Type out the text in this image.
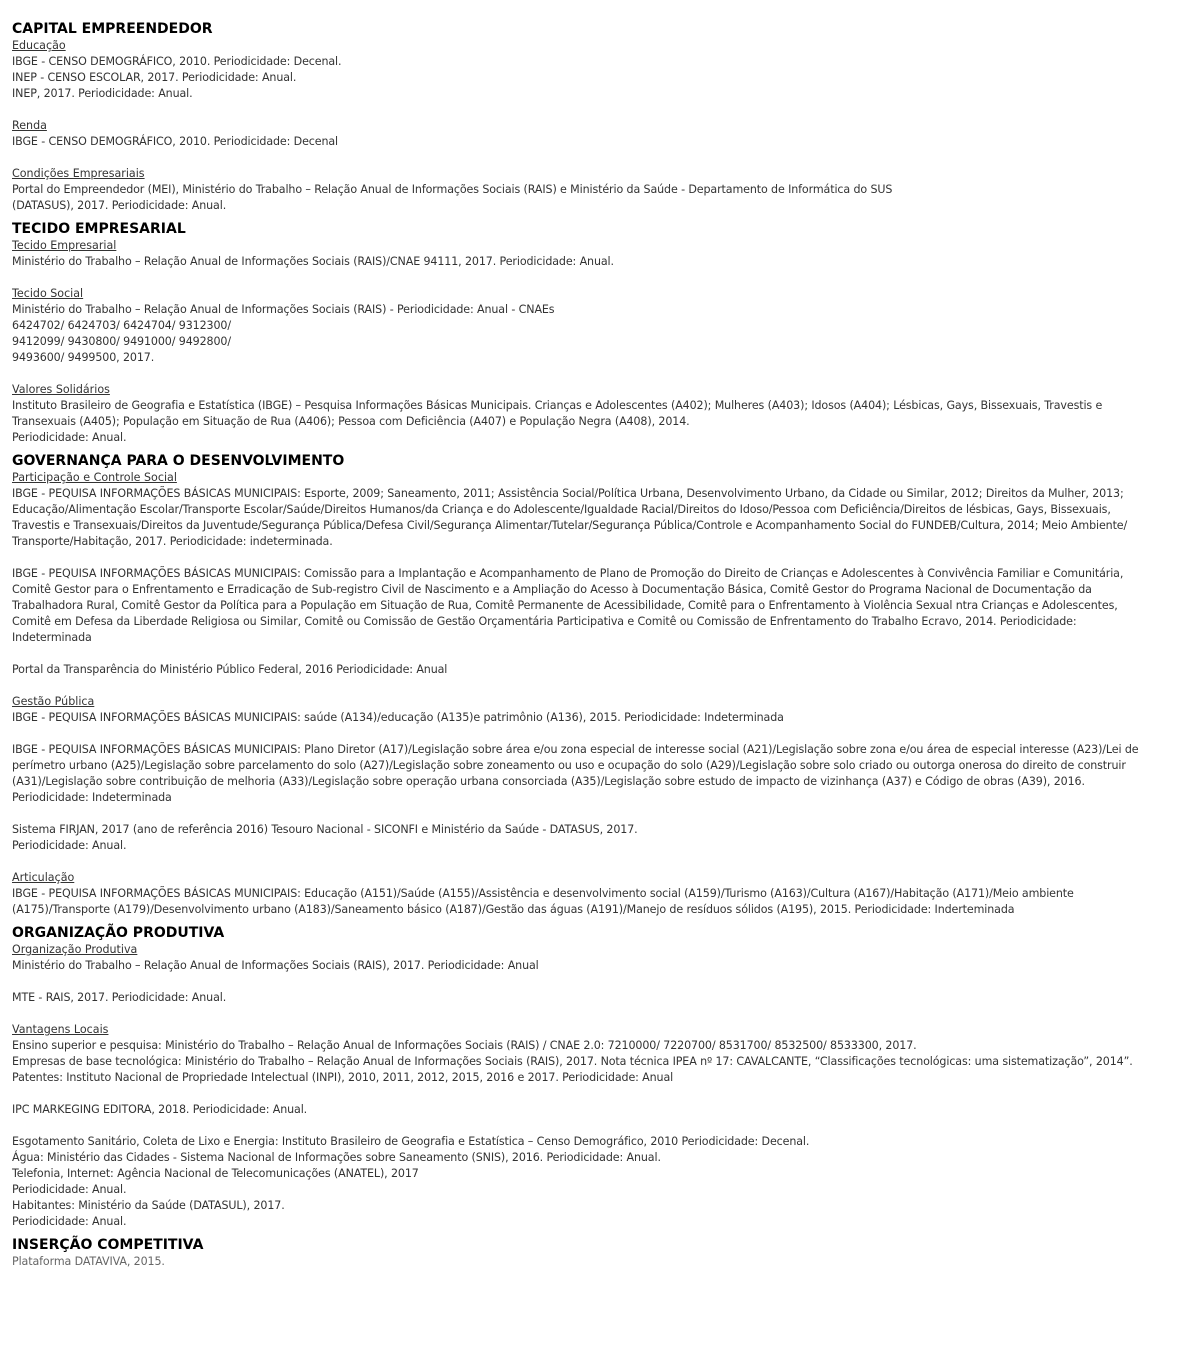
CAPITAL EMPREENDEDOR
Educação
IBGE - CENSO DEMOGRÁFICO, 2010. Periodicidade: Decenal.
INEP - CENSO ESCOLAR, 2017. Periodicidade: Anual.
INEP, 2017. Periodicidade: Anual.
Renda
IBGE - CENSO DEMOGRÁFICO, 2010. Periodicidade: Decenal
Condições Empresariais
Portal do Empreendedor (MEI), Ministério do Trabalho – Relação Anual de Informações Sociais (RAIS) e Ministério da Saúde - Departamento de Informática do SUS
(DATASUS), 2017. Periodicidade: Anual.
TECIDO EMPRESARIAL
Tecido Empresarial
Ministério do Trabalho – Relação Anual de Informações Sociais (RAIS)/CNAE 94111, 2017. Periodicidade: Anual.
Tecido Social
Ministério do Trabalho – Relação Anual de Informações Sociais (RAIS) - Periodicidade: Anual - CNAEs
6424702/ 6424703/ 6424704/ 9312300/
9412099/ 9430800/ 9491000/ 9492800/
9493600/ 9499500, 2017.
Valores Solidários
Instituto Brasileiro de Geografia e Estatística (IBGE) – Pesquisa Informações Básicas Municipais. Crianças e Adolescentes (A402); Mulheres (A403); Idosos (A404); Lésbicas, Gays, Bissexuais, Travestis e
Transexuais (A405); População em Situação de Rua (A406); Pessoa com Deficiência (A407) e População Negra (A408), 2014.
Periodicidade: Anual.
GOVERNANÇA PARA O DESENVOLVIMENTO
Participação e Controle Social
IBGE - PEQUISA INFORMAÇÕES BÁSICAS MUNICIPAIS: Esporte, 2009; Saneamento, 2011; Assistência Social/Política Urbana, Desenvolvimento Urbano, da Cidade ou Similar, 2012; Direitos da Mulher, 2013;
Educação/Alimentação Escolar/Transporte Escolar/Saúde/Direitos Humanos/da Criança e do Adolescente/Igualdade Racial/Direitos do Idoso/Pessoa com Deficiência/Direitos de lésbicas, Gays, Bissexuais,
Travestis e Transexuais/Direitos da Juventude/Segurança Pública/Defesa Civil/Segurança Alimentar/Tutelar/Segurança Pública/Controle e Acompanhamento Social do FUNDEB/Cultura, 2014; Meio Ambiente/
Transporte/Habitação, 2017. Periodicidade: indeterminada.
IBGE - PEQUISA INFORMAÇÕES BÁSICAS MUNICIPAIS: Comissão para a Implantação e Acompanhamento de Plano de Promoção do Direito de Crianças e Adolescentes à Convivência Familiar e Comunitária,
Comitê Gestor para o Enfrentamento e Erradicação de Sub-registro Civil de Nascimento e a Ampliação do Acesso à Documentação Básica, Comitê Gestor do Programa Nacional de Documentação da
Trabalhadora Rural, Comitê Gestor da Política para a População em Situação de Rua, Comitê Permanente de Acessibilidade, Comitê para o Enfrentamento à Violência Sexual ntra Crianças e Adolescentes,
Comitê em Defesa da Liberdade Religiosa ou Similar, Comitê ou Comissão de Gestão Orçamentária Participativa e Comitê ou Comissão de Enfrentamento do Trabalho Ecravo, 2014. Periodicidade:
Indeterminada
Portal da Transparência do Ministério Público Federal, 2016 Periodicidade: Anual
Gestão Pública
IBGE - PEQUISA INFORMAÇÕES BÁSICAS MUNICIPAIS: saúde (A134)/educação (A135)e patrimônio (A136), 2015. Periodicidade: Indeterminada
IBGE - PEQUISA INFORMAÇÕES BÁSICAS MUNICIPAIS: Plano Diretor (A17)/Legislação sobre área e/ou zona especial de interesse social (A21)/Legislação sobre zona e/ou área de especial interesse (A23)/Lei de
perímetro urbano (A25)/Legislação sobre parcelamento do solo (A27)/Legislação sobre zoneamento ou uso e ocupação do solo (A29)/Legislação sobre solo criado ou outorga onerosa do direito de construir
(A31)/Legislação sobre contribuição de melhoria (A33)/Legislação sobre operação urbana consorciada (A35)/Legislação sobre estudo de impacto de vizinhança (A37) e Código de obras (A39), 2016.
Periodicidade: Indeterminada
Sistema FIRJAN, 2017 (ano de referência 2016) Tesouro Nacional - SICONFI e Ministério da Saúde - DATASUS, 2017.
Periodicidade: Anual.
Articulação
IBGE - PEQUISA INFORMAÇÕES BÁSICAS MUNICIPAIS: Educação (A151)/Saúde (A155)/Assistência e desenvolvimento social (A159)/Turismo (A163)/Cultura (A167)/Habitação (A171)/Meio ambiente
(A175)/Transporte (A179)/Desenvolvimento urbano (A183)/Saneamento básico (A187)/Gestão das águas (A191)/Manejo de resíduos sólidos (A195), 2015. Periodicidade: Inderteminada
ORGANIZAÇÃO PRODUTIVA
Organização Produtiva
Ministério do Trabalho – Relação Anual de Informações Sociais (RAIS), 2017. Periodicidade: Anual
MTE - RAIS, 2017. Periodicidade: Anual.
Vantagens Locais
Ensino superior e pesquisa: Ministério do Trabalho – Relação Anual de Informações Sociais (RAIS) / CNAE 2.0: 7210000/ 7220700/ 8531700/ 8532500/ 8533300, 2017.
Empresas de base tecnológica: Ministério do Trabalho – Relação Anual de Informações Sociais (RAIS), 2017. Nota técnica IPEA nº 17: CAVALCANTE, “Classificações tecnológicas: uma sistematização”, 2014”.
Patentes: Instituto Nacional de Propriedade Intelectual (INPI), 2010, 2011, 2012, 2015, 2016 e 2017. Periodicidade: Anual
IPC MARKEGING EDITORA, 2018. Periodicidade: Anual.
Esgotamento Sanitário, Coleta de Lixo e Energia: Instituto Brasileiro de Geografia e Estatística – Censo Demográfico, 2010 Periodicidade: Decenal.
Água: Ministério das Cidades - Sistema Nacional de Informações sobre Saneamento (SNIS), 2016. Periodicidade: Anual.
Telefonia, Internet: Agência Nacional de Telecomunicações (ANATEL), 2017
Periodicidade: Anual.
Habitantes: Ministério da Saúde (DATASUL), 2017.
Periodicidade: Anual.
INSERÇÃO COMPETITIVA
Plataforma DATAVIVA, 2015.
